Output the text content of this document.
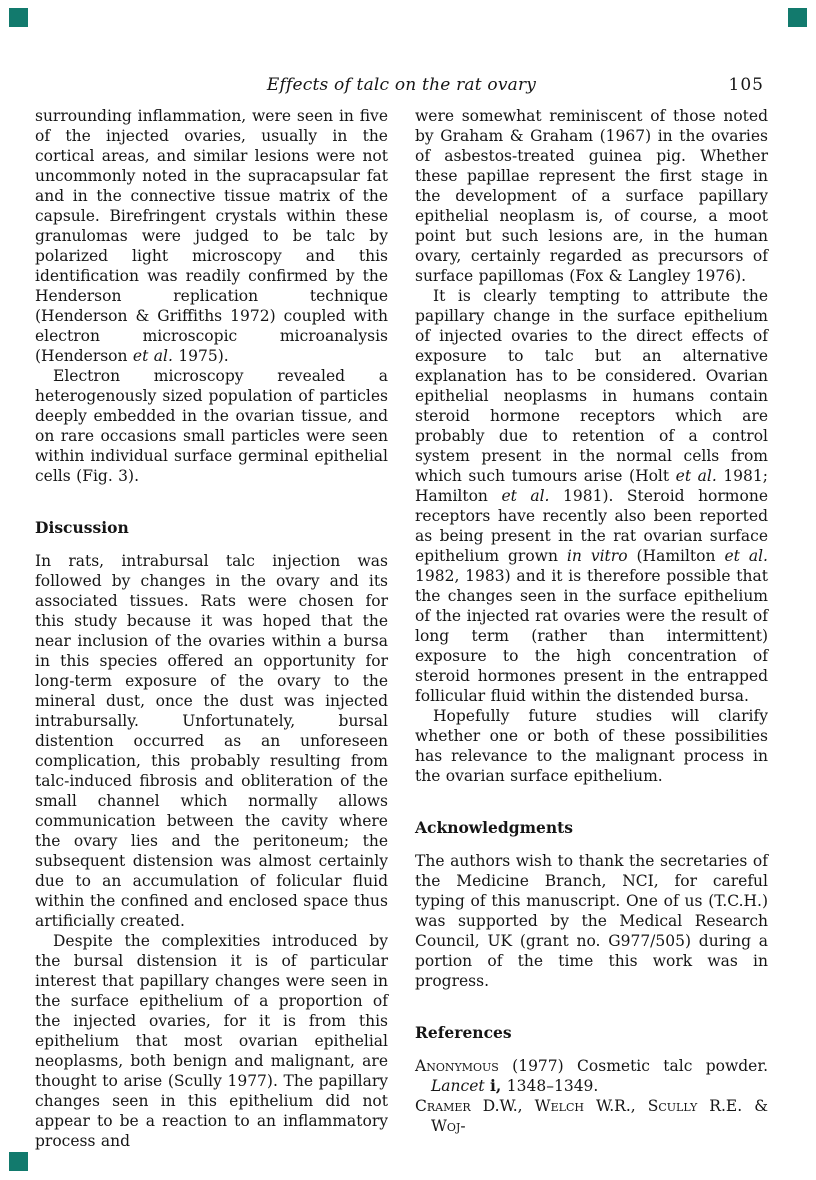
Effects of talc on the rat ovary	105

surrounding inflammation, were seen in five of the injected ovaries, usually in the cortical areas, and similar lesions were not uncommonly noted in the supracapsular fat and in the connective tissue matrix of the capsule. Birefringent crystals within these granulomas were judged to be talc by polarized light microscopy and this identification was readily confirmed by the Henderson replication technique (Henderson & Griffiths 1972) coupled with electron microscopic microanalysis (Henderson et al. 1975).

Electron microscopy revealed a heterogenously sized population of particles deeply embedded in the ovarian tissue, and on rare occasions small particles were seen within individual surface germinal epithelial cells (Fig. 3).

Discussion

In rats, intrabursal talc injection was followed by changes in the ovary and its associated tissues. Rats were chosen for this study because it was hoped that the near inclusion of the ovaries within a bursa in this species offered an opportunity for long-term exposure of the ovary to the mineral dust, once the dust was injected intrabursally. Unfortunately, bursal distention occurred as an unforeseen complication, this probably resulting from talc-induced fibrosis and obliteration of the small channel which normally allows communication between the cavity where the ovary lies and the peritoneum; the subsequent distension was almost certainly due to an accumulation of folicular fluid within the confined and enclosed space thus artificially created.

Despite the complexities introduced by the bursal distension it is of particular interest that papillary changes were seen in the surface epithelium of a proportion of the injected ovaries, for it is from this epithelium that most ovarian epithelial neoplasms, both benign and malignant, are thought to arise (Scully 1977). The papillary changes seen in this epithelium did not appear to be a reaction to an inflammatory process and

were somewhat reminiscent of those noted by Graham & Graham (1967) in the ovaries of asbestos-treated guinea pig. Whether these papillae represent the first stage in the development of a surface papillary epithelial neoplasm is, of course, a moot point but such lesions are, in the human ovary, certainly regarded as precursors of surface papillomas (Fox & Langley 1976).

It is clearly tempting to attribute the papillary change in the surface epithelium of injected ovaries to the direct effects of exposure to talc but an alternative explanation has to be considered. Ovarian epithelial neoplasms in humans contain steroid hormone receptors which are probably due to retention of a control system present in the normal cells from which such tumours arise (Holt et al. 1981; Hamilton et al. 1981). Steroid hormone receptors have recently also been reported as being present in the rat ovarian surface epithelium grown in vitro (Hamilton et al. 1982, 1983) and it is therefore possible that the changes seen in the surface epithelium of the injected rat ovaries were the result of long term (rather than intermittent) exposure to the high concentration of steroid hormones present in the entrapped follicular fluid within the distended bursa.

Hopefully future studies will clarify whether one or both of these possibilities has relevance to the malignant process in the ovarian surface epithelium.

Acknowledgments

The authors wish to thank the secretaries of the Medicine Branch, NCI, for careful typing of this manuscript. One of us (T.C.H.) was supported by the Medical Research Council, UK (grant no. G977/505) during a portion of the time this work was in progress.

References

Anonymous (1977) Cosmetic talc powder. Lancet i, 1348–1349.

Cramer D.W., Welch W.R., Scully R.E. & Woj-
